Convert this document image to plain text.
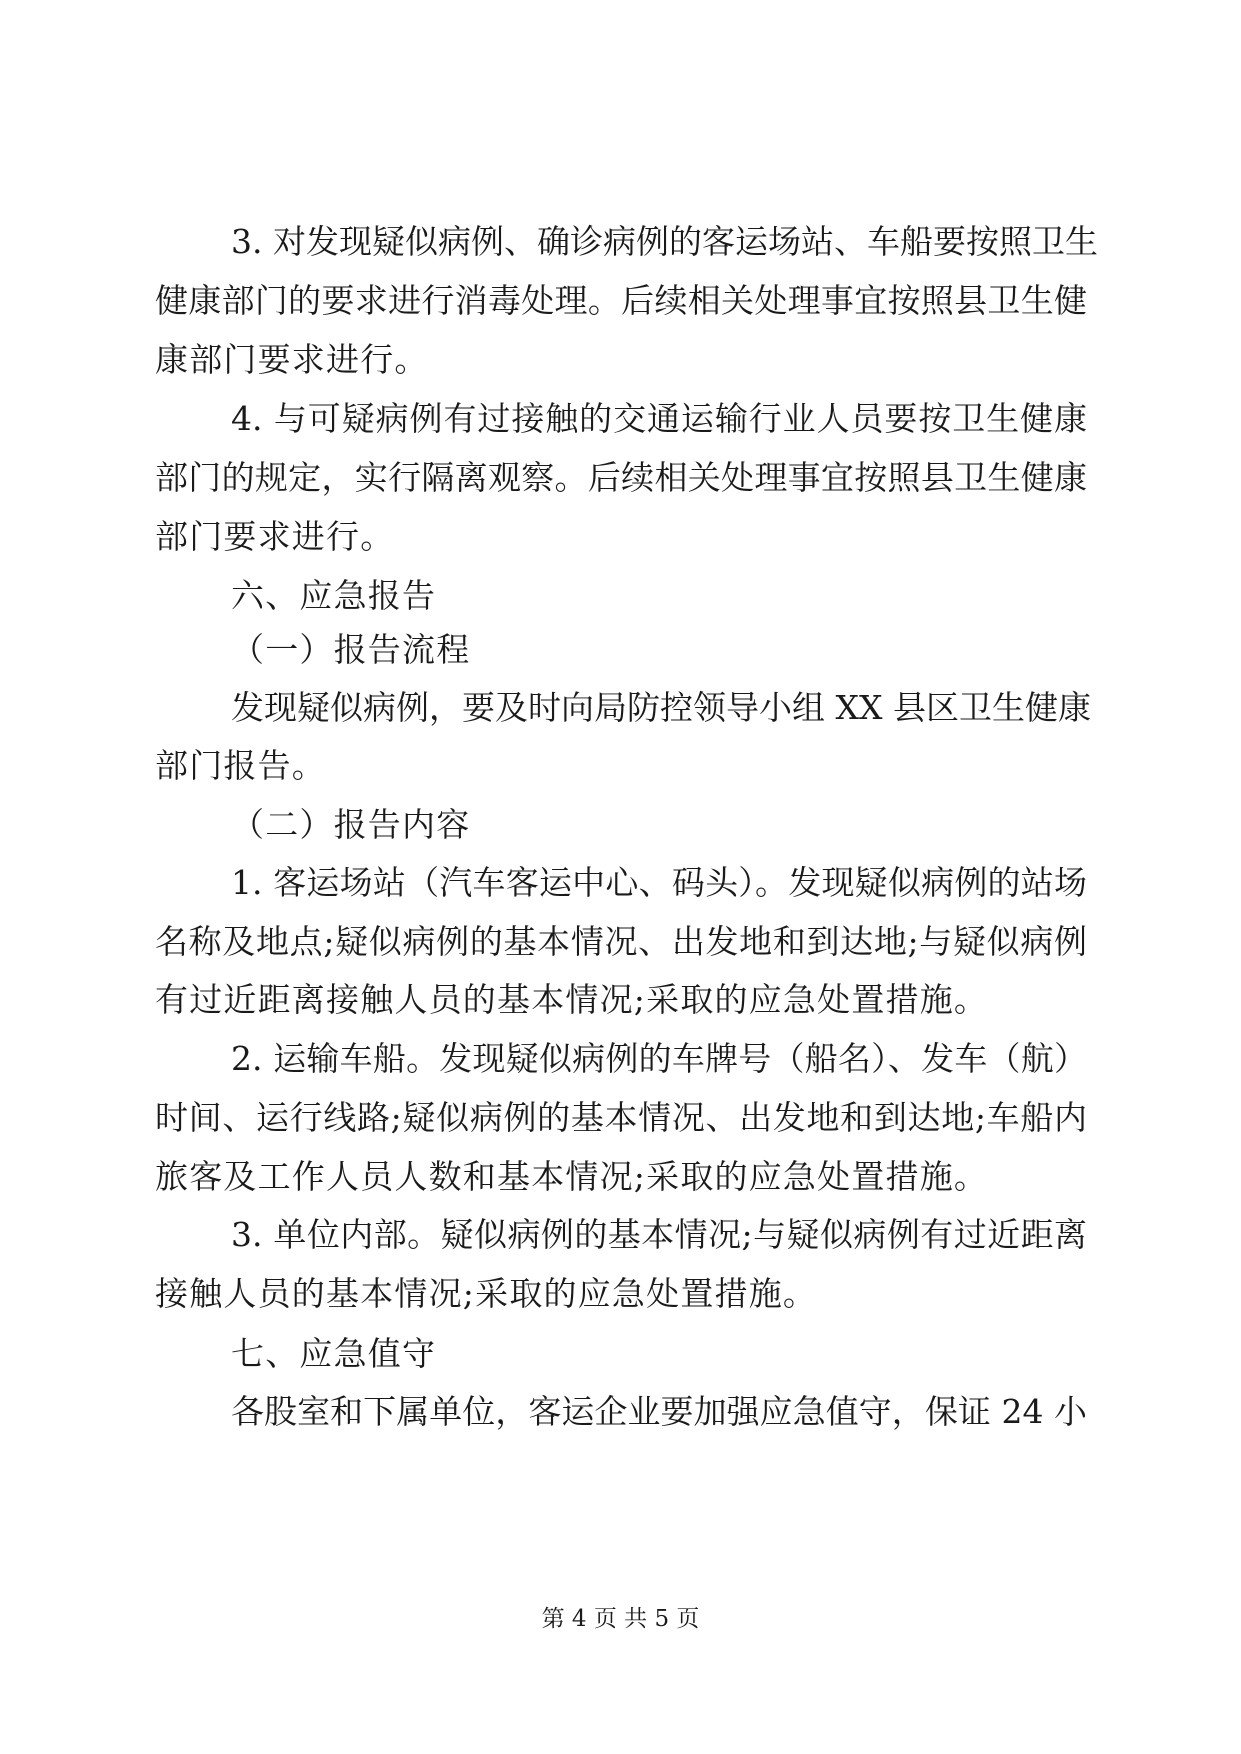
3. 对发现疑似病例、确诊病例的客运场站、车船要按照卫生
健康部门的要求进行消毒处理。后续相关处理事宜按照县卫生健
康部门要求进行。
4. 与可疑病例有过接触的交通运输行业人员要按卫生健康
部门的规定，实行隔离观察。后续相关处理事宜按照县卫生健康
部门要求进行。
六、应急报告
（一）报告流程
发现疑似病例，要及时向局防控领导小组 XX 县区卫生健康
部门报告。
（二）报告内容
1. 客运场站（汽车客运中心、码头）。发现疑似病例的站场
名称及地点;疑似病例的基本情况、出发地和到达地;与疑似病例
有过近距离接触人员的基本情况;采取的应急处置措施。
2. 运输车船。发现疑似病例的车牌号（船名）、发车（航）
时间、运行线路;疑似病例的基本情况、出发地和到达地;车船内
旅客及工作人员人数和基本情况;采取的应急处置措施。
3. 单位内部。疑似病例的基本情况;与疑似病例有过近距离
接触人员的基本情况;采取的应急处置措施。
七、应急值守
各股室和下属单位，客运企业要加强应急值守，保证 24 小
第 4 页 共 5 页
